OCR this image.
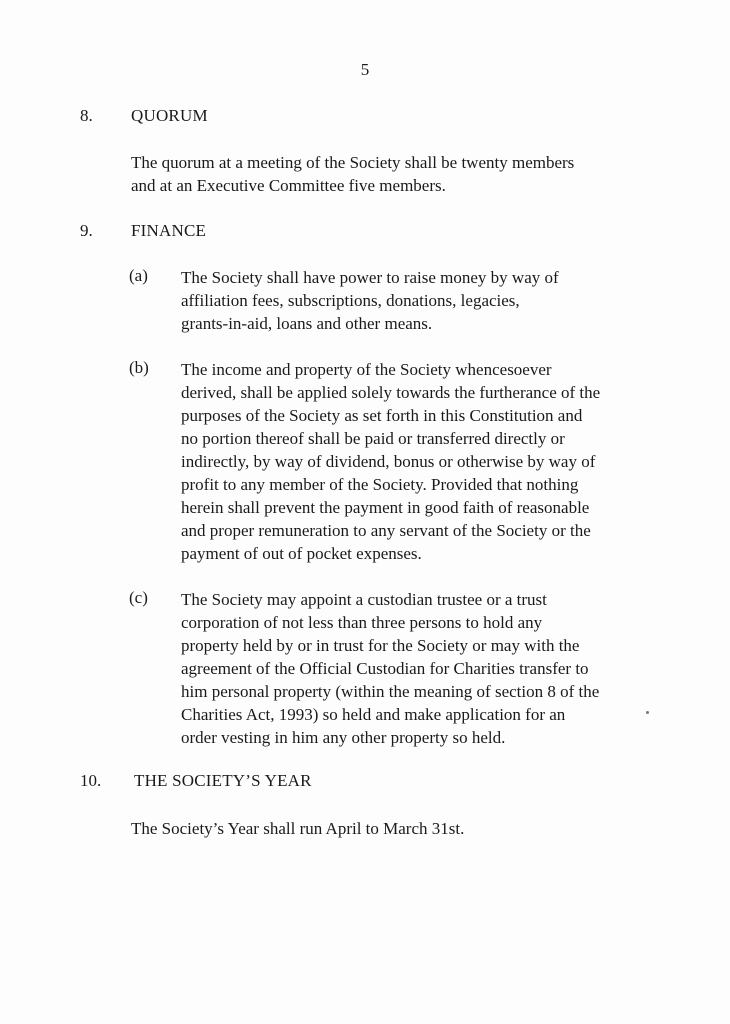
5
8. QUORUM
The quorum at a meeting of the Society shall be twenty members
and at an Executive Committee five members.
9. FINANCE
(a) The Society shall have power to raise money by way of
affiliation fees, subscriptions, donations, legacies,
grants-in-aid, loans and other means.
(b) The income and property of the Society whencesoever
derived, shall be applied solely towards the furtherance of the
purposes of the Society as set forth in this Constitution and
no portion thereof shall be paid or transferred directly or
indirectly, by way of dividend, bonus or otherwise by way of
profit to any member of the Society. Provided that nothing
herein shall prevent the payment in good faith of reasonable
and proper remuneration to any servant of the Society or the
payment of out of pocket expenses.
(c) The Society may appoint a custodian trustee or a trust
corporation of not less than three persons to hold any
property held by or in trust for the Society or may with the
agreement of the Official Custodian for Charities transfer to
him personal property (within the meaning of section 8 of the
Charities Act, 1993) so held and make application for an
order vesting in him any other property so held.
10. THE SOCIETY’S YEAR
The Society’s Year shall run April to March 31st.
